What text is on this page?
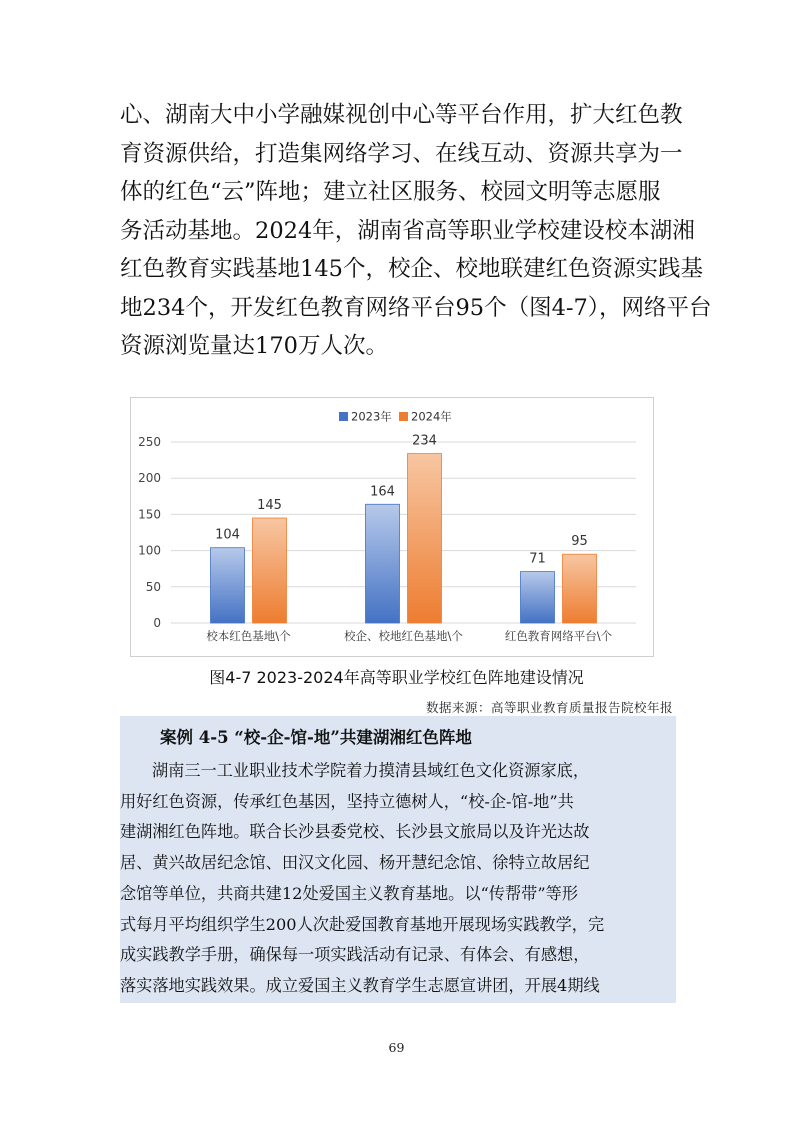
心、湖南大中小学融媒视创中心等平台作用，扩大红色教

育资源供给，打造集网络学习、在线互动、资源共享为一

体的红色“云”阵地；建立社区服务、校园文明等志愿服

务活动基地。2024年，湖南省高等职业学校建设校本湖湘

红色教育实践基地145个，校企、校地联建红色资源实践基

地234个，开发红色教育网络平台95个（图4-7），网络平台

资源浏览量达170万人次。

0
50
100
150
200
250
104
145
校本红色基地\个
164
234
校企、校地红色基地\个
71
95
红色教育网络平台\个
2023年 2024年
图4-7 2023-2024年高等职业学校红色阵地建设情况
数据来源：高等职业教育质量报告院校年报
案例 4-5 “校-企-馆-地”共建湖湘红色阵地

湖南三一工业职业技术学院着力摸清县域红色文化资源家底，

用好红色资源，传承红色基因，坚持立德树人，“校-企-馆-地”共

建湖湘红色阵地。联合长沙县委党校、长沙县文旅局以及许光达故

居、黄兴故居纪念馆、田汉文化园、杨开慧纪念馆、徐特立故居纪

念馆等单位，共商共建12处爱国主义教育基地。以“传帮带”等形

式每月平均组织学生200人次赴爱国教育基地开展现场实践教学，完

成实践教学手册，确保每一项实践活动有记录、有体会、有感想，

落实落地实践效果。成立爱国主义教育学生志愿宣讲团，开展4期线

69
